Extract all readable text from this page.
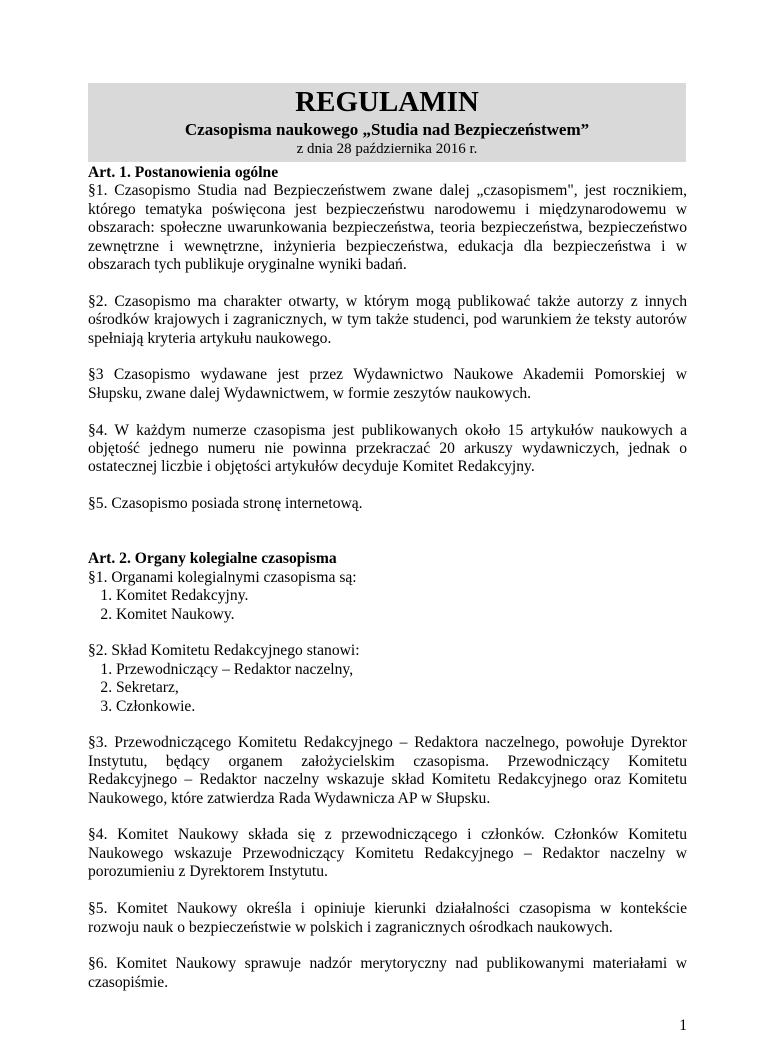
REGULAMIN
Czasopisma naukowego „Studia nad Bezpieczeństwem”
z dnia 28 października 2016 r.
Art. 1. Postanowienia ogólne

§1. Czasopismo Studia nad Bezpieczeństwem zwane dalej „czasopismem", jest rocznikiem, którego tematyka poświęcona jest bezpieczeństwu narodowemu i międzynarodowemu w obszarach: społeczne uwarunkowania bezpieczeństwa, teoria bezpieczeństwa, bezpieczeństwo zewnętrzne i wewnętrzne, inżynieria bezpieczeństwa, edukacja dla bezpieczeństwa i w obszarach tych publikuje oryginalne wyniki badań.

§2. Czasopismo ma charakter otwarty, w którym mogą publikować także autorzy z innych ośrodków krajowych i zagranicznych, w tym także studenci, pod warunkiem że teksty autorów spełniają kryteria artykułu naukowego.

§3 Czasopismo wydawane jest przez Wydawnictwo Naukowe Akademii Pomorskiej w Słupsku, zwane dalej Wydawnictwem, w formie zeszytów naukowych.

§4. W każdym numerze czasopisma jest publikowanych około 15 artykułów naukowych a objętość jednego numeru nie powinna przekraczać 20 arkuszy wydawniczych, jednak o ostatecznej liczbie i objętości artykułów decyduje Komitet Redakcyjny.

§5. Czasopismo posiada stronę internetową.

Art. 2. Organy kolegialne czasopisma
§1. Organami kolegialnymi czasopisma są:
1. Komitet Redakcyjny.
2. Komitet Naukowy.
§2. Skład Komitetu Redakcyjnego stanowi:
1. Przewodniczący – Redaktor naczelny,
2. Sekretarz,
3. Członkowie.

§3. Przewodniczącego Komitetu Redakcyjnego – Redaktora naczelnego, powołuje Dyrektor Instytutu, będący organem założycielskim czasopisma. Przewodniczący Komitetu Redakcyjnego – Redaktor naczelny wskazuje skład Komitetu Redakcyjnego oraz Komitetu Naukowego, które zatwierdza Rada Wydawnicza AP w Słupsku.

§4. Komitet Naukowy składa się z przewodniczącego i członków. Członków Komitetu Naukowego wskazuje Przewodniczący Komitetu Redakcyjnego – Redaktor naczelny w porozumieniu z Dyrektorem Instytutu.

§5. Komitet Naukowy określa i opiniuje kierunki działalności czasopisma w kontekście rozwoju nauk o bezpieczeństwie w polskich i zagranicznych ośrodkach naukowych.

§6. Komitet Naukowy sprawuje nadzór merytoryczny nad publikowanymi materiałami w czasopiśmie.

1
